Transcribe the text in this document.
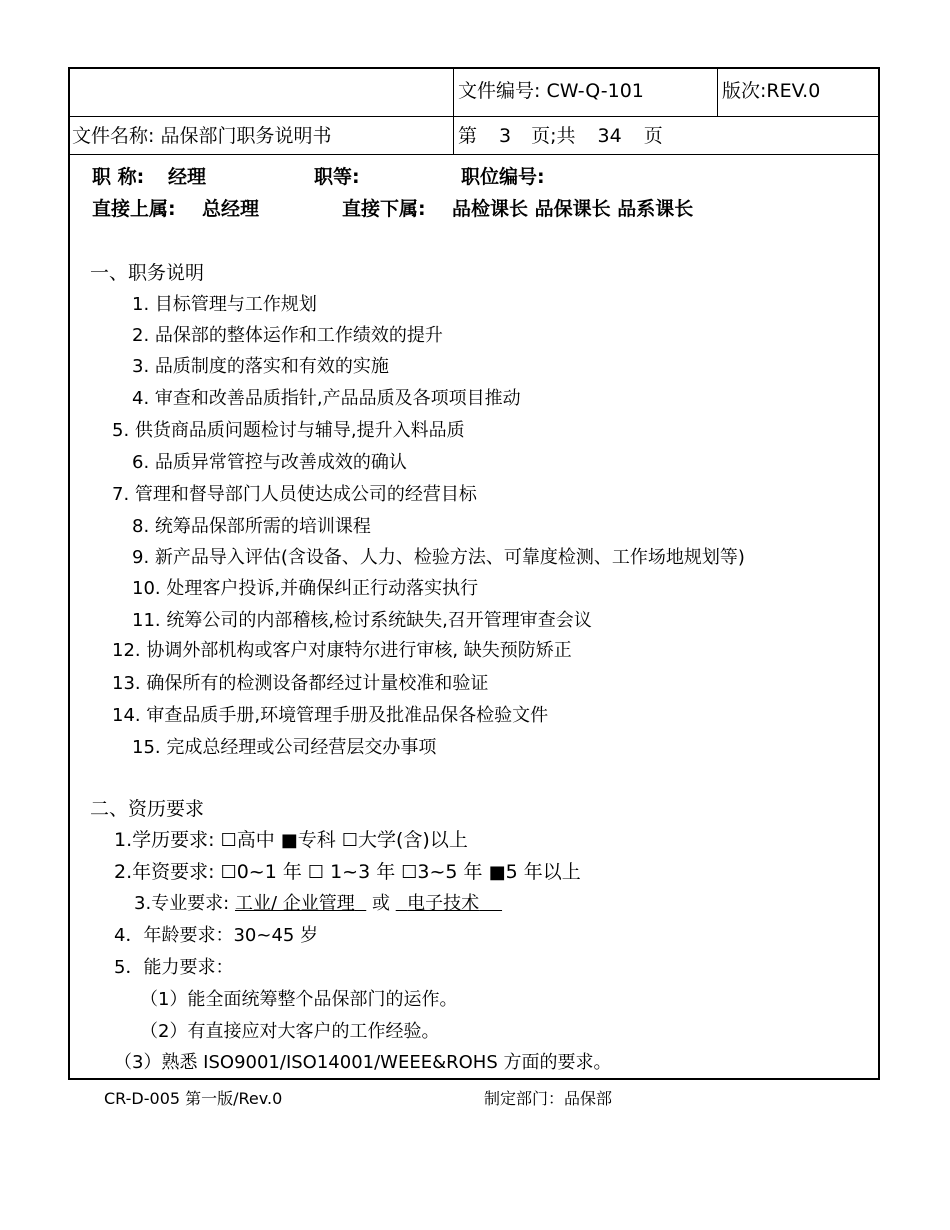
文件编号: CW-Q-101	版次:REV.0
文件名称: 品保部门职务说明书	第 3 页;共 34 页
职 称: 经理	职等:	职位编号:
直接上属: 总经理	直接下属: 品检课长 品保课长 品系课长
一、职务说明
1. 目标管理与工作规划
2. 品保部的整体运作和工作绩效的提升
3. 品质制度的落实和有效的实施
4. 审查和改善品质指针,产品品质及各项项目推动
5. 供货商品质问题检讨与辅导,提升入料品质
6. 品质异常管控与改善成效的确认
7. 管理和督导部门人员使达成公司的经营目标
8. 统筹品保部所需的培训课程
9. 新产品导入评估(含设备、人力、检验方法、可靠度检测、工作场地规划等)
10. 处理客户投诉,并确保纠正行动落实执行
11. 统筹公司的内部稽核,检讨系统缺失,召开管理审查会议
12. 协调外部机构或客户对康特尔进行审核, 缺失预防矫正
13. 确保所有的检测设备都经过计量校准和验证
14. 审查品质手册,环境管理手册及批准品保各检验文件
15. 完成总经理或公司经营层交办事项
二、资历要求
1.学历要求: ☐高中 ■专科 ☐大学(含)以上
2.年资要求: ☐0~1 年 ☐ 1~3 年 ☐3~5 年 ■5 年以上
3.专业要求: 工业/ 企业管理 或 电子技术
4．年龄要求：30~45 岁
5．能力要求：
（1）能全面统筹整个品保部门的运作。
（2）有直接应对大客户的工作经验。
（3）熟悉 ISO9001/ISO14001/WEEE&ROHS 方面的要求。
CR-D-005 第一版/Rev.0	制定部门：品保部
